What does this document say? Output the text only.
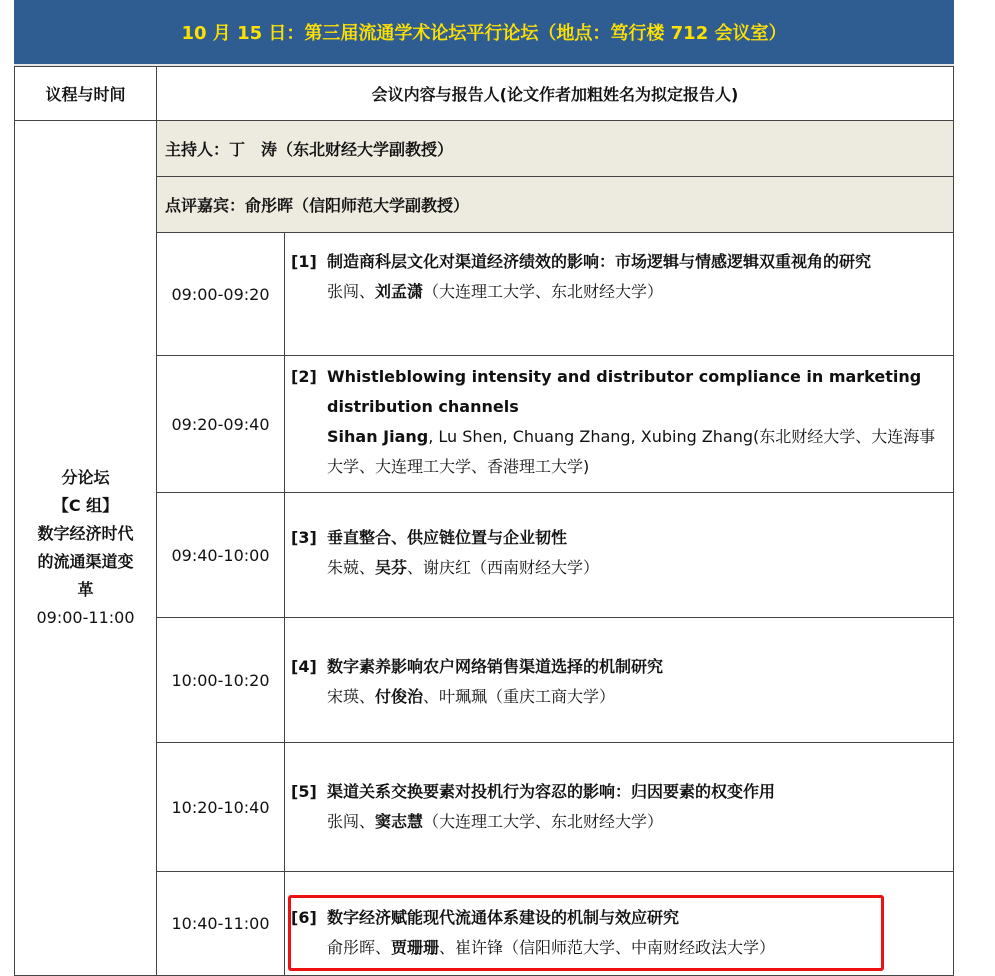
10 月 15 日：第三届流通学术论坛平行论坛（地点：笃行楼 712 会议室）
议程与时间	会议内容与报告人(论文作者加粗姓名为拟定报告人)
分论坛
【C 组】
数字经济时代
的流通渠道变
革
09:00-11:00
主持人：丁　涛（东北财经大学副教授）
点评嘉宾：俞彤晖（信阳师范大学副教授）
09:00-09:20
[1] 制造商科层文化对渠道经济绩效的影响：市场逻辑与情感逻辑双重视角的研究
张闯、刘孟潇（大连理工大学、东北财经大学）
09:20-09:40
[2] Whistleblowing intensity and distributor compliance in marketing distribution channels
Sihan Jiang, Lu Shen, Chuang Zhang, Xubing Zhang(东北财经大学、大连海事大学、大连理工大学、香港理工大学)
09:40-10:00
[3] 垂直整合、供应链位置与企业韧性
朱兢、吴芬、谢庆红（西南财经大学）
10:00-10:20
[4] 数字素养影响农户网络销售渠道选择的机制研究
宋瑛、付俊治、叶珮珮（重庆工商大学）
10:20-10:40
[5] 渠道关系交换要素对投机行为容忍的影响：归因要素的权变作用
张闯、窦志慧（大连理工大学、东北财经大学）
10:40-11:00	[6] 数字经济赋能现代流通体系建设的机制与效应研究
俞彤晖、贾珊珊、崔许锋（信阳师范大学、中南财经政法大学）
